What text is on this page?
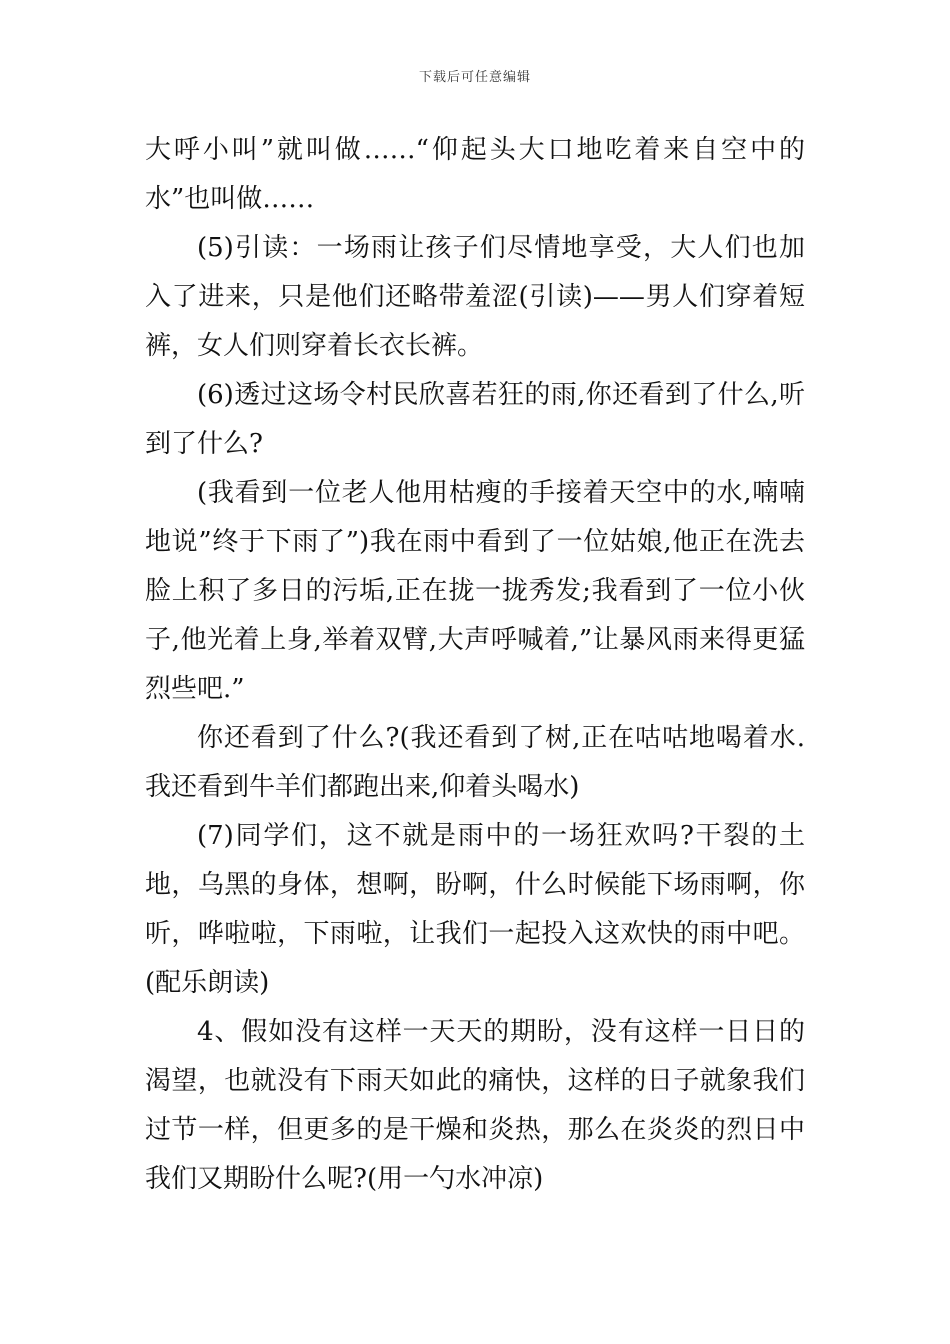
下载后可任意编辑

大呼小叫”就叫做……“仰起头大口地吃着来自空中的水”也叫做……

(5)引读：一场雨让孩子们尽情地享受，大人们也加入了进来，只是他们还略带羞涩(引读)——男人们穿着短裤，女人们则穿着长衣长裤。

(6)透过这场令村民欣喜若狂的雨,你还看到了什么,听到了什么?

(我看到一位老人他用枯瘦的手接着天空中的水,喃喃地说”终于下雨了”)我在雨中看到了一位姑娘,他正在洗去脸上积了多日的污垢,正在拢一拢秀发;我看到了一位小伙子,他光着上身,举着双臂,大声呼喊着,”让暴风雨来得更猛烈些吧.”

你还看到了什么?(我还看到了树,正在咕咕地喝着水.我还看到牛羊们都跑出来,仰着头喝水)

(7)同学们，这不就是雨中的一场狂欢吗?干裂的土地，乌黑的身体，想啊，盼啊，什么时候能下场雨啊，你听，哗啦啦，下雨啦，让我们一起投入这欢快的雨中吧。(配乐朗读)

4、假如没有这样一天天的期盼，没有这样一日日的渴望，也就没有下雨天如此的痛快，这样的日子就象我们过节一样，但更多的是干燥和炎热，那么在炎炎的烈日中我们又期盼什么呢?(用一勺水冲凉)
